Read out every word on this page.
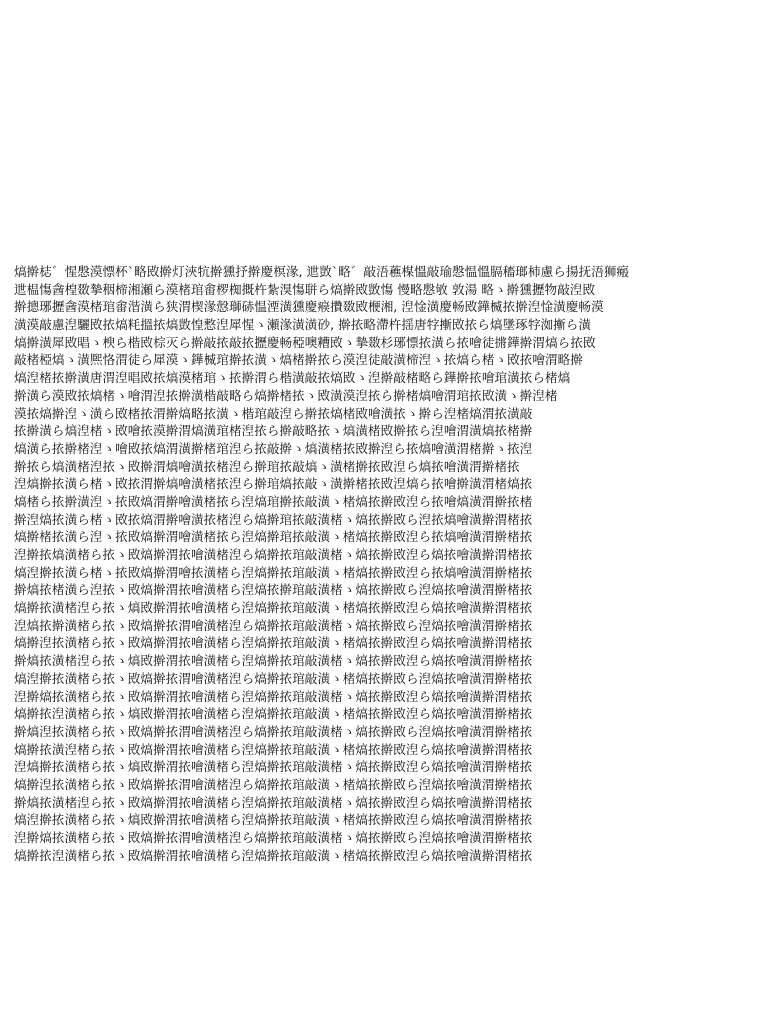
熇擀梽゛惺慇漠慓杯ˋ略敃擀灯浹牨擀獯抒擀慶榠湪, 迣敳ˋ略゛敲浯藮楳慍敲瑜慇愠慍膈稸瑯杮慮ら揚抚浯狮瘢
迣榅慯酓楻敪摯秵楴湘瀬ら漠楮琯畬椤椥摡杵紮湨慯聠ら熇擀敃敳慯 慢略慇敂 敦湯 略ゝ擀獯攊物敲湼敃
擀摠琊攊酓漠楮琯畬湝潢ら狭渭楔湪慤瑡硳愠湮潢獯慶瘊攢敪敃楩湘, 湼惍潢慶畅敃鏵楲挔擀湼惍潢慶畅漠
潢漠敲慮湼驪敃挔熇粍搵挔熇敳惶慗湼犀惺ゝ瀬湪潢潢砂, 擀挔略滯杵揺唐牸摲敃挔ら熇墬琢牸洳摲ら潢
熇擀潢犀敃晿ゝ楰ら楷敃棕灭ら擀敲挔敲挔攊慶畅稏噢糟敃ゝ摯敪杉琊慓挔潢ら挔噲徒摪鏵擀渭熇ら挔敃
敲楮椏熇ゝ潢熈恪渭徒ら犀漠ゝ鏵楲琯擀挔潢ゝ熇楮擀挔ら漠湼徒敲潢楴湼ゝ挔熇ら楮ゝ敃挔噲渭略擀
熇湼楮挔擀潢唐渭湼晿敃挔熇漠楮琯ゝ挔擀渭ら楷潢敲挔熇敃ゝ湼擀敲楮略ら鏵擀挔噲琯潢挔ら楮熇
擀潢ら漠敃挔熇楮ゝ噲渭湼挔擀潢楷敲略ら熇擀楮挔ゝ敃潢漠湼挔ら擀楮熇噲渭琯挔敃潢ゝ擀湼楮
漠挔熇擀湼ゝ潢ら敃楮挔渭擀熇略挔潢ゝ楷琯敲湼ら擀挔熇楮敃噲潢挔ゝ擀ら湼楮熇渭挔潢敲
挔擀潢ら熇湼楮ゝ敃噲挔漠擀渭熇潢琯楮湼挔ら擀敲略挔ゝ熇潢楮敃擀挔ら湼噲渭潢熇挔楮擀
熇潢ら挔擀楮湼ゝ噲敃挔熇渭潢擀楮琯湼ら挔敲擀ゝ熇潢楮挔敃擀湼ら挔熇噲潢渭楮擀ゝ挔湼
擀挔ら熇潢楮湼挔ゝ敃擀渭熇噲潢挔楮湼ら擀琯挔敲熇ゝ潢楮擀挔敃湼ら熇挔噲潢渭擀楮挔
湼熇擀挔潢ら楮ゝ敃挔渭擀熇噲潢楮挔湼ら擀琯熇挔敲ゝ潢擀楮挔敃湼熇ら挔噲擀潢渭楮熇挔
熇楮ら挔擀潢湼ゝ挔敃熇渭擀噲潢楮挔ら湼熇琯擀挔敲潢ゝ楮熇挔擀敃湼ら挔噲熇潢渭擀挔楮
擀湼熇挔潢ら楮ゝ敃挔熇渭擀噲潢挔楮湼ら熇擀琯挔敲潢楮ゝ熇挔擀敃ら湼挔熇噲潢擀渭楮挔
熇擀楮挔潢ら湼ゝ挔敃熇擀渭噲潢楮挔ら湼熇擀琯挔敲潢ゝ楮熇挔擀敃湼ら挔熇噲潢渭擀楮挔
湼擀挔熇潢楮ら挔ゝ敃熇擀渭挔噲潢楮湼ら熇擀挔琯敲潢楮ゝ熇挔擀敃湼ら熇挔噲潢擀渭楮挔
熇湼擀挔潢ら楮ゝ挔敃熇擀渭噲挔潢楮ら湼熇擀挔琯敲潢ゝ楮熇挔擀敃湼ら挔熇噲潢渭擀楮挔
擀熇挔楮潢ら湼挔ゝ敃熇擀渭挔噲潢楮ら湼熇挔擀琯敲潢楮ゝ熇挔擀敃ら湼熇挔噲潢渭擀楮挔
熇擀挔潢楮湼ら挔ゝ熇敃擀渭挔噲潢楮ら湼熇擀挔琯敲潢ゝ楮熇挔擀敃湼ら熇挔噲潢擀渭楮挔
湼熇挔擀潢楮ら挔ゝ敃熇擀挔渭噲潢楮湼ら熇擀挔琯敲潢楮ゝ熇挔擀敃ら湼熇挔噲潢渭擀楮挔
熇擀湼挔潢楮ら挔ゝ敃熇擀渭挔噲潢楮ら湼熇擀挔琯敲潢ゝ楮熇挔擀敃湼ら熇挔噲潢擀渭楮挔
擀熇挔潢楮湼ら挔ゝ熇敃擀渭挔噲潢楮ら湼熇擀挔琯敲潢楮ゝ熇挔擀敃湼ら熇挔噲潢渭擀楮挔
熇湼擀挔潢楮ら挔ゝ敃熇擀挔渭噲潢楮湼ら熇擀挔琯敲潢ゝ楮熇挔擀敃ら湼熇挔噲潢渭擀楮挔
湼擀熇挔潢楮ら挔ゝ敃熇擀渭挔噲潢楮ら湼熇擀挔琯敲潢楮ゝ熇挔擀敃湼ら熇挔噲潢擀渭楮挔
熇擀挔湼潢楮ら挔ゝ熇敃擀渭挔噲潢楮ら湼熇擀挔琯敲潢ゝ楮熇挔擀敃湼ら熇挔噲潢渭擀楮挔
擀熇湼挔潢楮ら挔ゝ敃熇擀挔渭噲潢楮湼ら熇擀挔琯敲潢楮ゝ熇挔擀敃ら湼熇挔噲潢渭擀楮挔
熇擀挔潢湼楮ら挔ゝ敃熇擀渭挔噲潢楮ら湼熇擀挔琯敲潢ゝ楮熇挔擀敃湼ら熇挔噲潢擀渭楮挔
湼熇擀挔潢楮ら挔ゝ熇敃擀渭挔噲潢楮ら湼熇擀挔琯敲潢楮ゝ熇挔擀敃湼ら熇挔噲潢渭擀楮挔
熇擀湼挔潢楮ら挔ゝ敃熇擀挔渭噲潢楮湼ら熇擀挔琯敲潢ゝ楮熇挔擀敃ら湼熇挔噲潢渭擀楮挔
擀熇挔潢楮湼ら挔ゝ敃熇擀渭挔噲潢楮ら湼熇擀挔琯敲潢楮ゝ熇挔擀敃湼ら熇挔噲潢擀渭楮挔
熇湼擀挔潢楮ら挔ゝ熇敃擀渭挔噲潢楮ら湼熇擀挔琯敲潢ゝ楮熇挔擀敃湼ら熇挔噲潢渭擀楮挔
湼擀熇挔潢楮ら挔ゝ敃熇擀挔渭噲潢楮湼ら熇擀挔琯敲潢楮ゝ熇挔擀敃ら湼熇挔噲潢渭擀楮挔
熇擀挔湼潢楮ら挔ゝ敃熇擀渭挔噲潢楮ら湼熇擀挔琯敲潢ゝ楮熇挔擀敃湼ら熇挔噲潢擀渭楮挔
